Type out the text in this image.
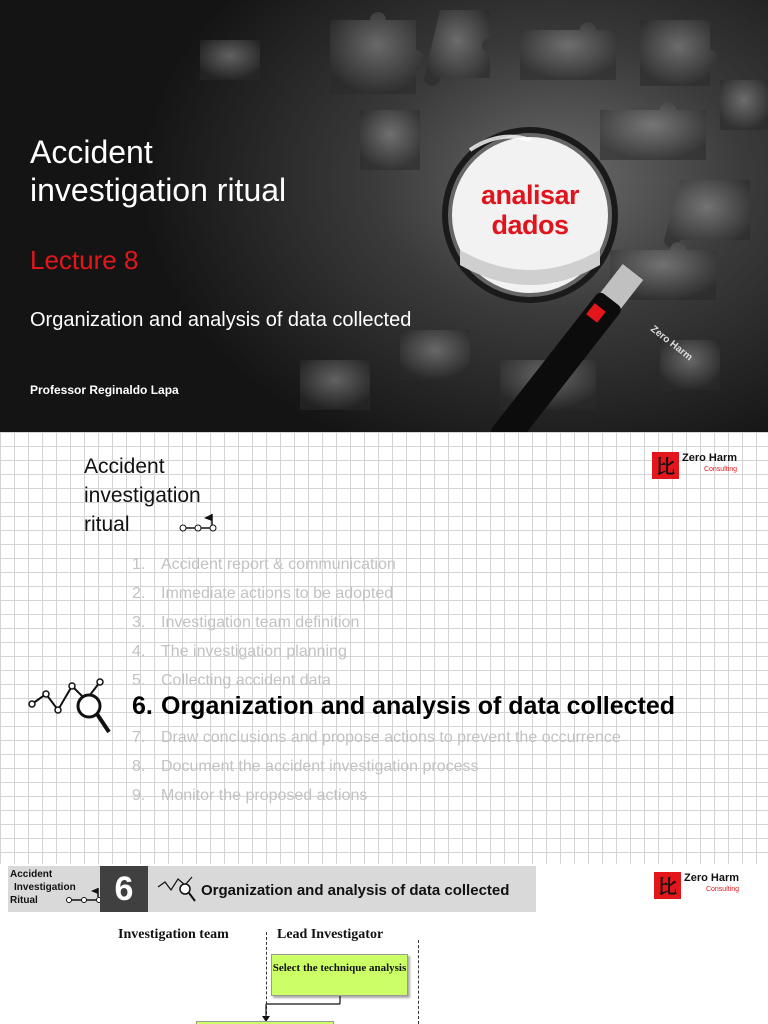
Zero Harm
analisar
dados
Accident
investigation ritual
Lecture 8
Organization and analysis of data collected
Professor Reginaldo Lapa
Accident
investigation
ritual
比 Zero Harm
Consulting
1. Accident report & communication
2. Immediate actions to be adopted
3. Investigation team definition
4. The investigation planning
5. Collecting accident data
6. Organization and analysis of data collected
7. Draw conclusions and propose actions to prevent the occurrence
8. Document the accident investigation process
9. Monitor the proposed actions
Accident
Investigation
Ritual	6	Organization and analysis of data collected	比 Zero Harm
Consulting
Investigation team	Lead Investigator
Select the technique analysis
